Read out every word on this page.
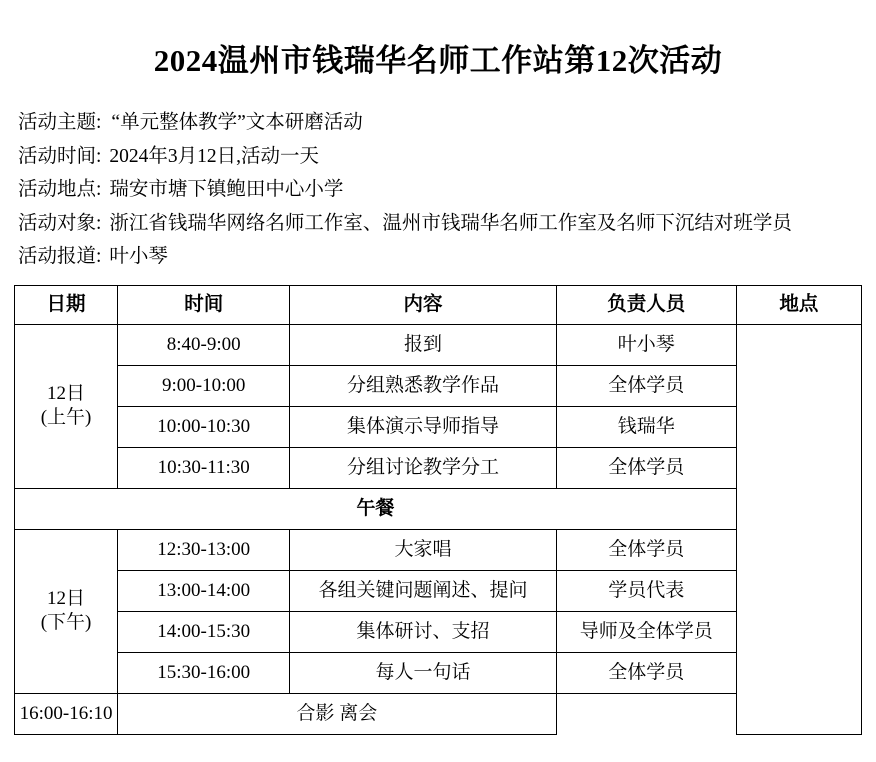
2024温州市钱瑞华名师工作站第12次活动
活动主题: “单元整体教学”文本研磨活动
活动时间: 2024年3月12日,活动一天
活动地点: 瑞安市塘下镇鲍田中心小学
活动对象: 浙江省钱瑞华网络名师工作室、温州市钱瑞华名师工作室及名师下沉结对班学员
活动报道: 叶小琴
日期	时间	内容	负责人员	地点

12日
(上午)	8:40-9:00	报到	叶小琴	
	9:00-10:00	分组熟悉教学作品	全体学员	
	10:00-10:30	集体演示导师指导	钱瑞华	
	10:30-11:30	分组讨论教学分工	全体学员	
午餐				

12日
(下午)	12:30-13:00	大家唱	全体学员	
	13:00-14:00	各组关键问题阐述、提问	学员代表	
	14:00-15:30	集体研讨、支招	导师及全体学员	
	15:30-16:00	每人一句话	全体学员	
16:00-16:10	合影 离会			
